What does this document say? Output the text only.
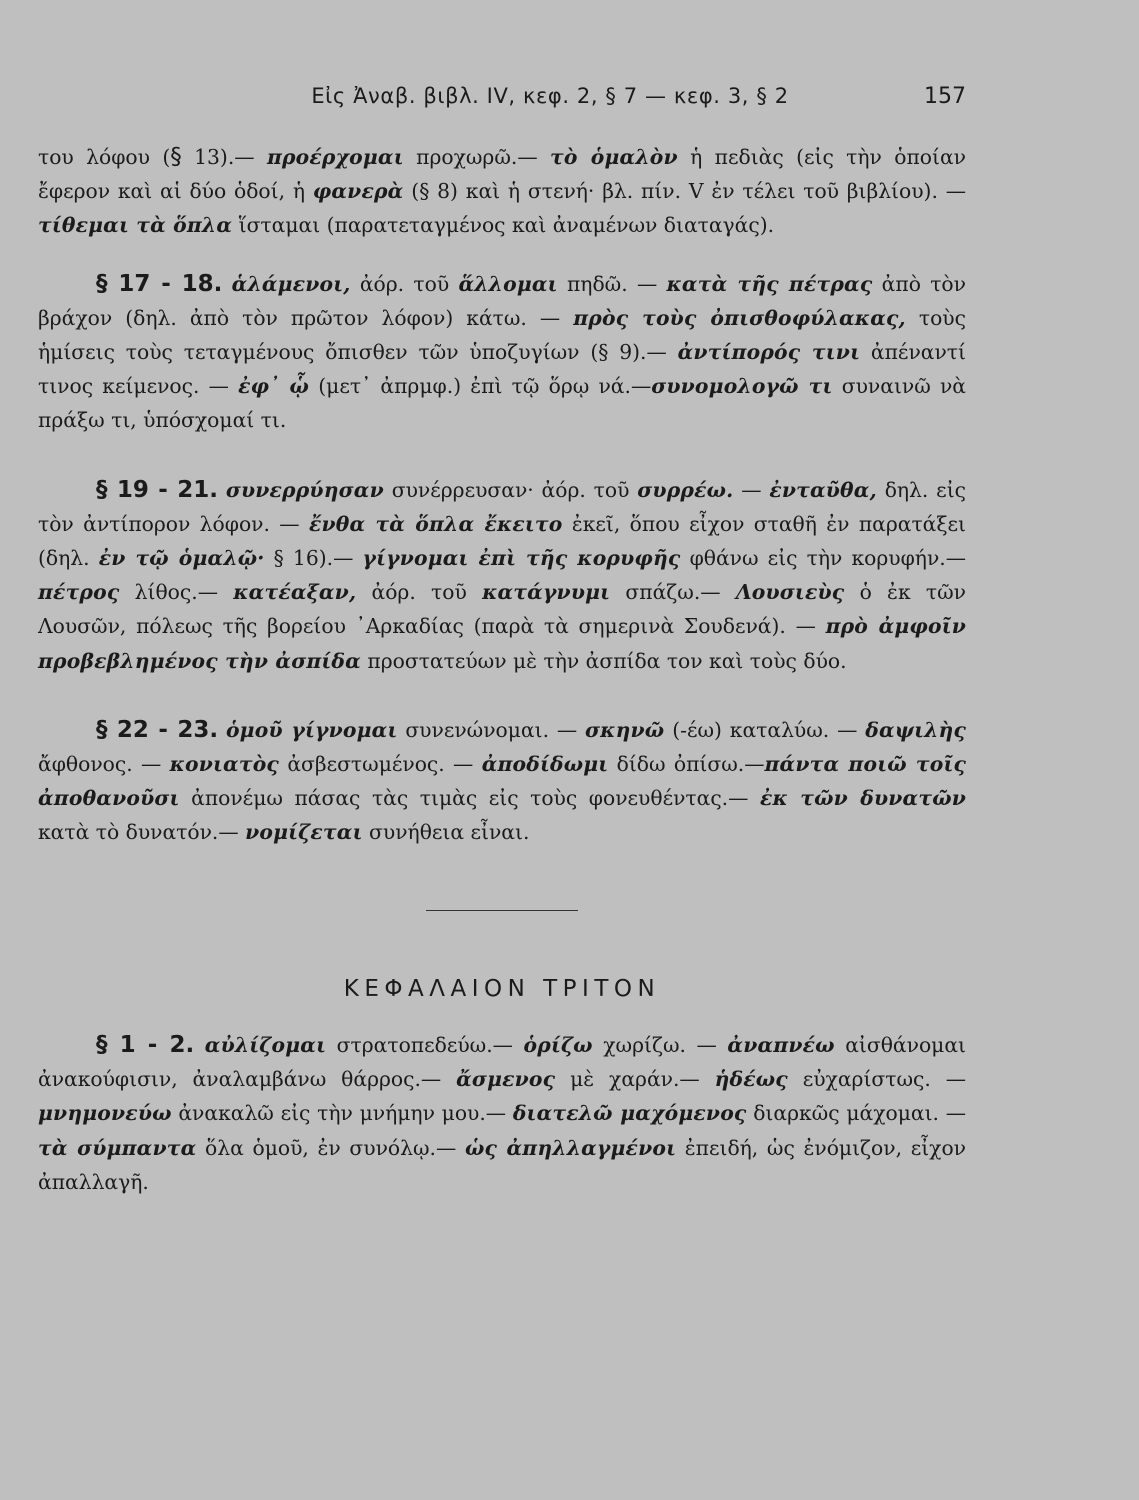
Εἰς Ἀναβ. βιβλ. IV, κεφ. 2, § 7 — κεφ. 3, § 2	157

του λόφου (§ 13).— προέρχομαι προχωρῶ.— τὸ ὁμαλὸν ἡ πεδιὰς (εἰς τὴν ὁποίαν ἔφερον καὶ αἱ δύο ὁδοί, ἡ φανερὰ (§ 8) καὶ ἡ στενή· βλ. πίν. V ἐν τέλει τοῦ βιβλίου). — τίθεμαι τὰ ὅπλα ἵσταμαι (παρατεταγμένος καὶ ἀναμένων διαταγάς).

§ 17 - 18. ἁλάμενοι, ἀόρ. τοῦ ἅλλομαι πηδῶ. — κατὰ τῆς πέτρας ἀπὸ τὸν βράχον (δηλ. ἀπὸ τὸν πρῶτον λόφον) κάτω. — πρὸς τοὺς ὀπισθοφύλακας, τοὺς ἡμίσεις τοὺς τεταγμένους ὄπισθεν τῶν ὑποζυγίων (§ 9).— ἀντίπορός τινι ἀπέναντί τινος κείμενος. — ἐφ᾽ ᾧ (μετ᾽ ἀπρμφ.) ἐπὶ τῷ ὅρῳ νά.—συνομολογῶ τι συναινῶ νὰ πράξω τι, ὑπόσχομαί τι.

§ 19 - 21. συνερρύησαν συνέρρευσαν· ἀόρ. τοῦ συρρέω. — ἐνταῦθα, δηλ. εἰς τὸν ἀντίπορον λόφον. — ἔνθα τὰ ὅπλα ἔκειτο ἐκεῖ, ὅπου εἶχον σταθῆ ἐν παρατάξει (δηλ. ἐν τῷ ὁμαλῷ· § 16).— γίγνομαι ἐπὶ τῆς κορυφῆς φθάνω εἰς τὴν κορυφήν.— πέτρος λίθος.— κατέαξαν, ἀόρ. τοῦ κατάγνυμι σπάζω.— Λουσιεὺς ὁ ἐκ τῶν Λουσῶν, πόλεως τῆς βορείου ᾽Αρκαδίας (παρὰ τὰ σημερινὰ Σουδενά). — πρὸ ἀμφοῖν προβεβλημένος τὴν ἀσπίδα προστατεύων μὲ τὴν ἀσπίδα τον καὶ τοὺς δύο.

§ 22 - 23. ὁμοῦ γίγνομαι συνενώνομαι. — σκηνῶ (-έω) καταλύω. — δαψιλὴς ἄφθονος. — κονιατὸς ἀσβεστωμένος. — ἀποδίδωμι δίδω ὀπίσω.—πάντα ποιῶ τοῖς ἀποθανοῦσι ἀπονέμω πάσας τὰς τιμὰς εἰς τοὺς φονευθέντας.— ἐκ τῶν δυνατῶν κατὰ τὸ δυνατόν.— νομίζεται συνήθεια εἶναι.

ΚΕΦΑΛΑΙΟΝ ΤΡΙΤΟΝ

§ 1 - 2. αὐλίζομαι στρατοπεδεύω.— ὁρίζω χωρίζω. — ἀναπνέω αἰσθάνομαι ἀνακούφισιν, ἀναλαμβάνω θάρρος.— ἄσμενος μὲ χαράν.— ἡδέως εὐχαρίστως. — μνημονεύω ἀνακαλῶ εἰς τὴν μνήμην μου.— διατελῶ μαχόμενος διαρκῶς μάχομαι. — τὰ σύμπαντα ὅλα ὁμοῦ, ἐν συνόλῳ.— ὡς ἀπηλλαγμένοι ἐπειδή, ὡς ἐνόμιζον, εἶχον ἀπαλλαγῆ.
